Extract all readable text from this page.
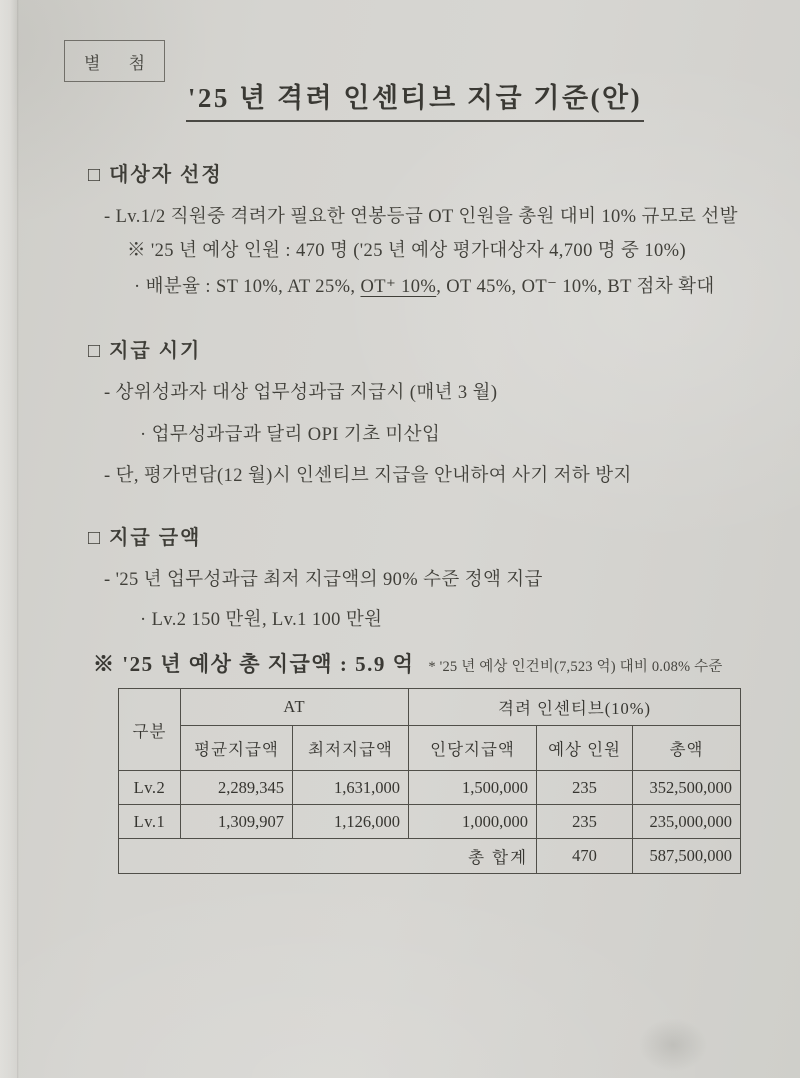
별 첨
'25 년 격려 인센티브 지급 기준(안)
□ 대상자 선정
- Lv.1/2 직원중 격려가 필요한 연봉등급 OT 인원을 총원 대비 10% 규모로 선발
※ '25 년 예상 인원 : 470 명 ('25 년 예상 평가대상자 4,700 명 중 10%)
· 배분율 : ST 10%, AT 25%, OT⁺ 10%, OT 45%, OT⁻ 10%, BT 점차 확대
□ 지급 시기
- 상위성과자 대상 업무성과급 지급시 (매년 3 월)
· 업무성과급과 달리 OPI 기초 미산입
- 단, 평가면담(12 월)시 인센티브 지급을 안내하여 사기 저하 방지
□ 지급 금액
- '25 년 업무성과급 최저 지급액의 90% 수준 정액 지급
· Lv.2 150 만원, Lv.1 100 만원
※ '25 년 예상 총 지급액 : 5.9 억 * '25 년 예상 인건비(7,523 억) 대비 0.08% 수준
구분	AT		격려 인센티브(10%)		
	평균지급액	최저지급액	인당지급액	예상 인원	총액
Lv.2	2,289,345	1,631,000	1,500,000	235	352,500,000
Lv.1	1,309,907	1,126,000	1,000,000	235	235,000,000
총 합계				470	587,500,000
